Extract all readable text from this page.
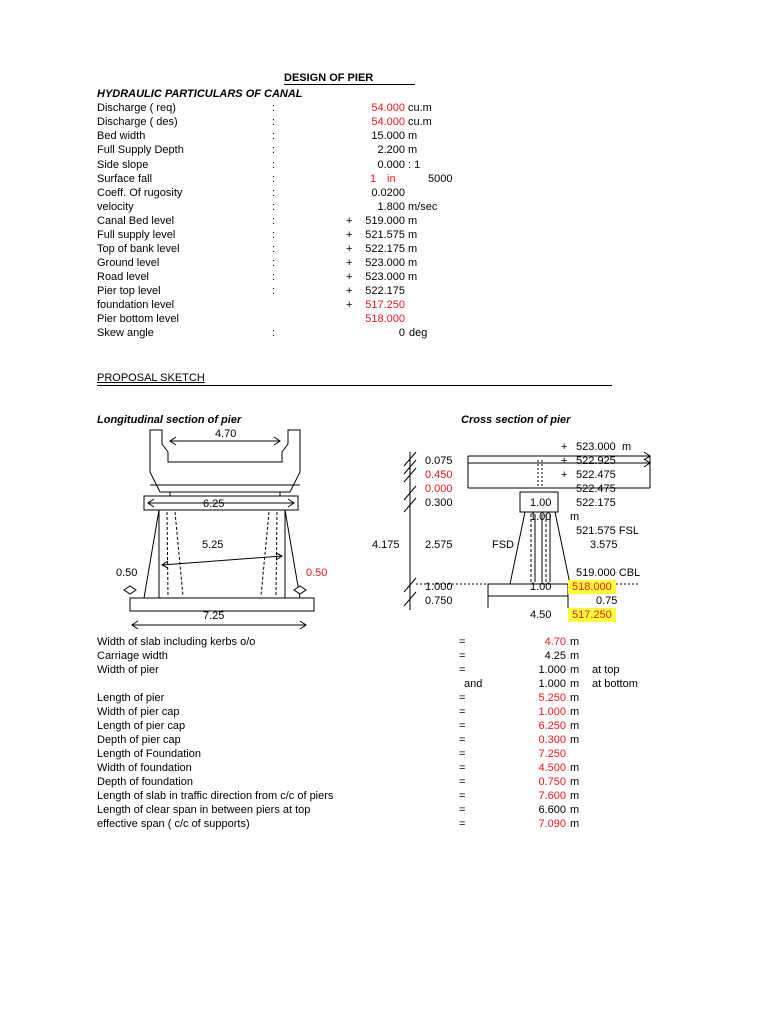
DESIGN OF PIER
HYDRAULIC PARTICULARS OF CANAL
Discharge ( req)	:	54.000 cu.m
Discharge ( des)	:	54.000 cu.m
Bed width	:	15.000 m
Full Supply Depth	:	2.200 m
Side slope	:	0.000 : 1
Coeff. Of rugosity	:	0.0200
velocity	:	1.800 m/sec
Canal Bed level	:	+	519.000 m
Full supply level	:	+	521.575 m
Top of bank level	:	+	522.175 m
Ground level	:	+	523.000 m
Road level	:	+	523.000 m
Pier top level	:	+	522.175
foundation level	+	517.250
Pier bottom level	518.000
Surface fall	:	1 in	5000
Skew angle	:	0 deg
PROPOSAL SKETCH
Longitudinal section of pier	Cross section of pier
4.70
6.25
5.25
0.50	0.50
7.25
0.075
0.450
0.000
0.300
4.175 2.575	FSD
1.000
0.750
+ 523.000 m
+ 522.925
+ 522.475
522.475
1.00 522.175
1.00 m
521.575 FSL
3.575
519.000 CBL
1.00	518.000
0.75
4.50	517.250
Width of slab including kerbs o/o	=	4.70 m
Carriage width	=	4.25 m
Width of pier	=	1.000 m at top
and	1.000 m at bottom
Length of pier	=	5.250 m
Width of pier cap	=	1.000 m
Length of pier cap	=	6.250 m
Depth of pier cap	=	0.300 m
Length of Foundation	=	7.250
Width of foundation	=	4.500 m
Depth of foundation	=	0.750 m
Length of slab in traffic direction from c/c of piers	=	7.600 m
Length of clear span in between piers at top	=	6.600 m
effective span ( c/c of supports)	=	7.090 m
